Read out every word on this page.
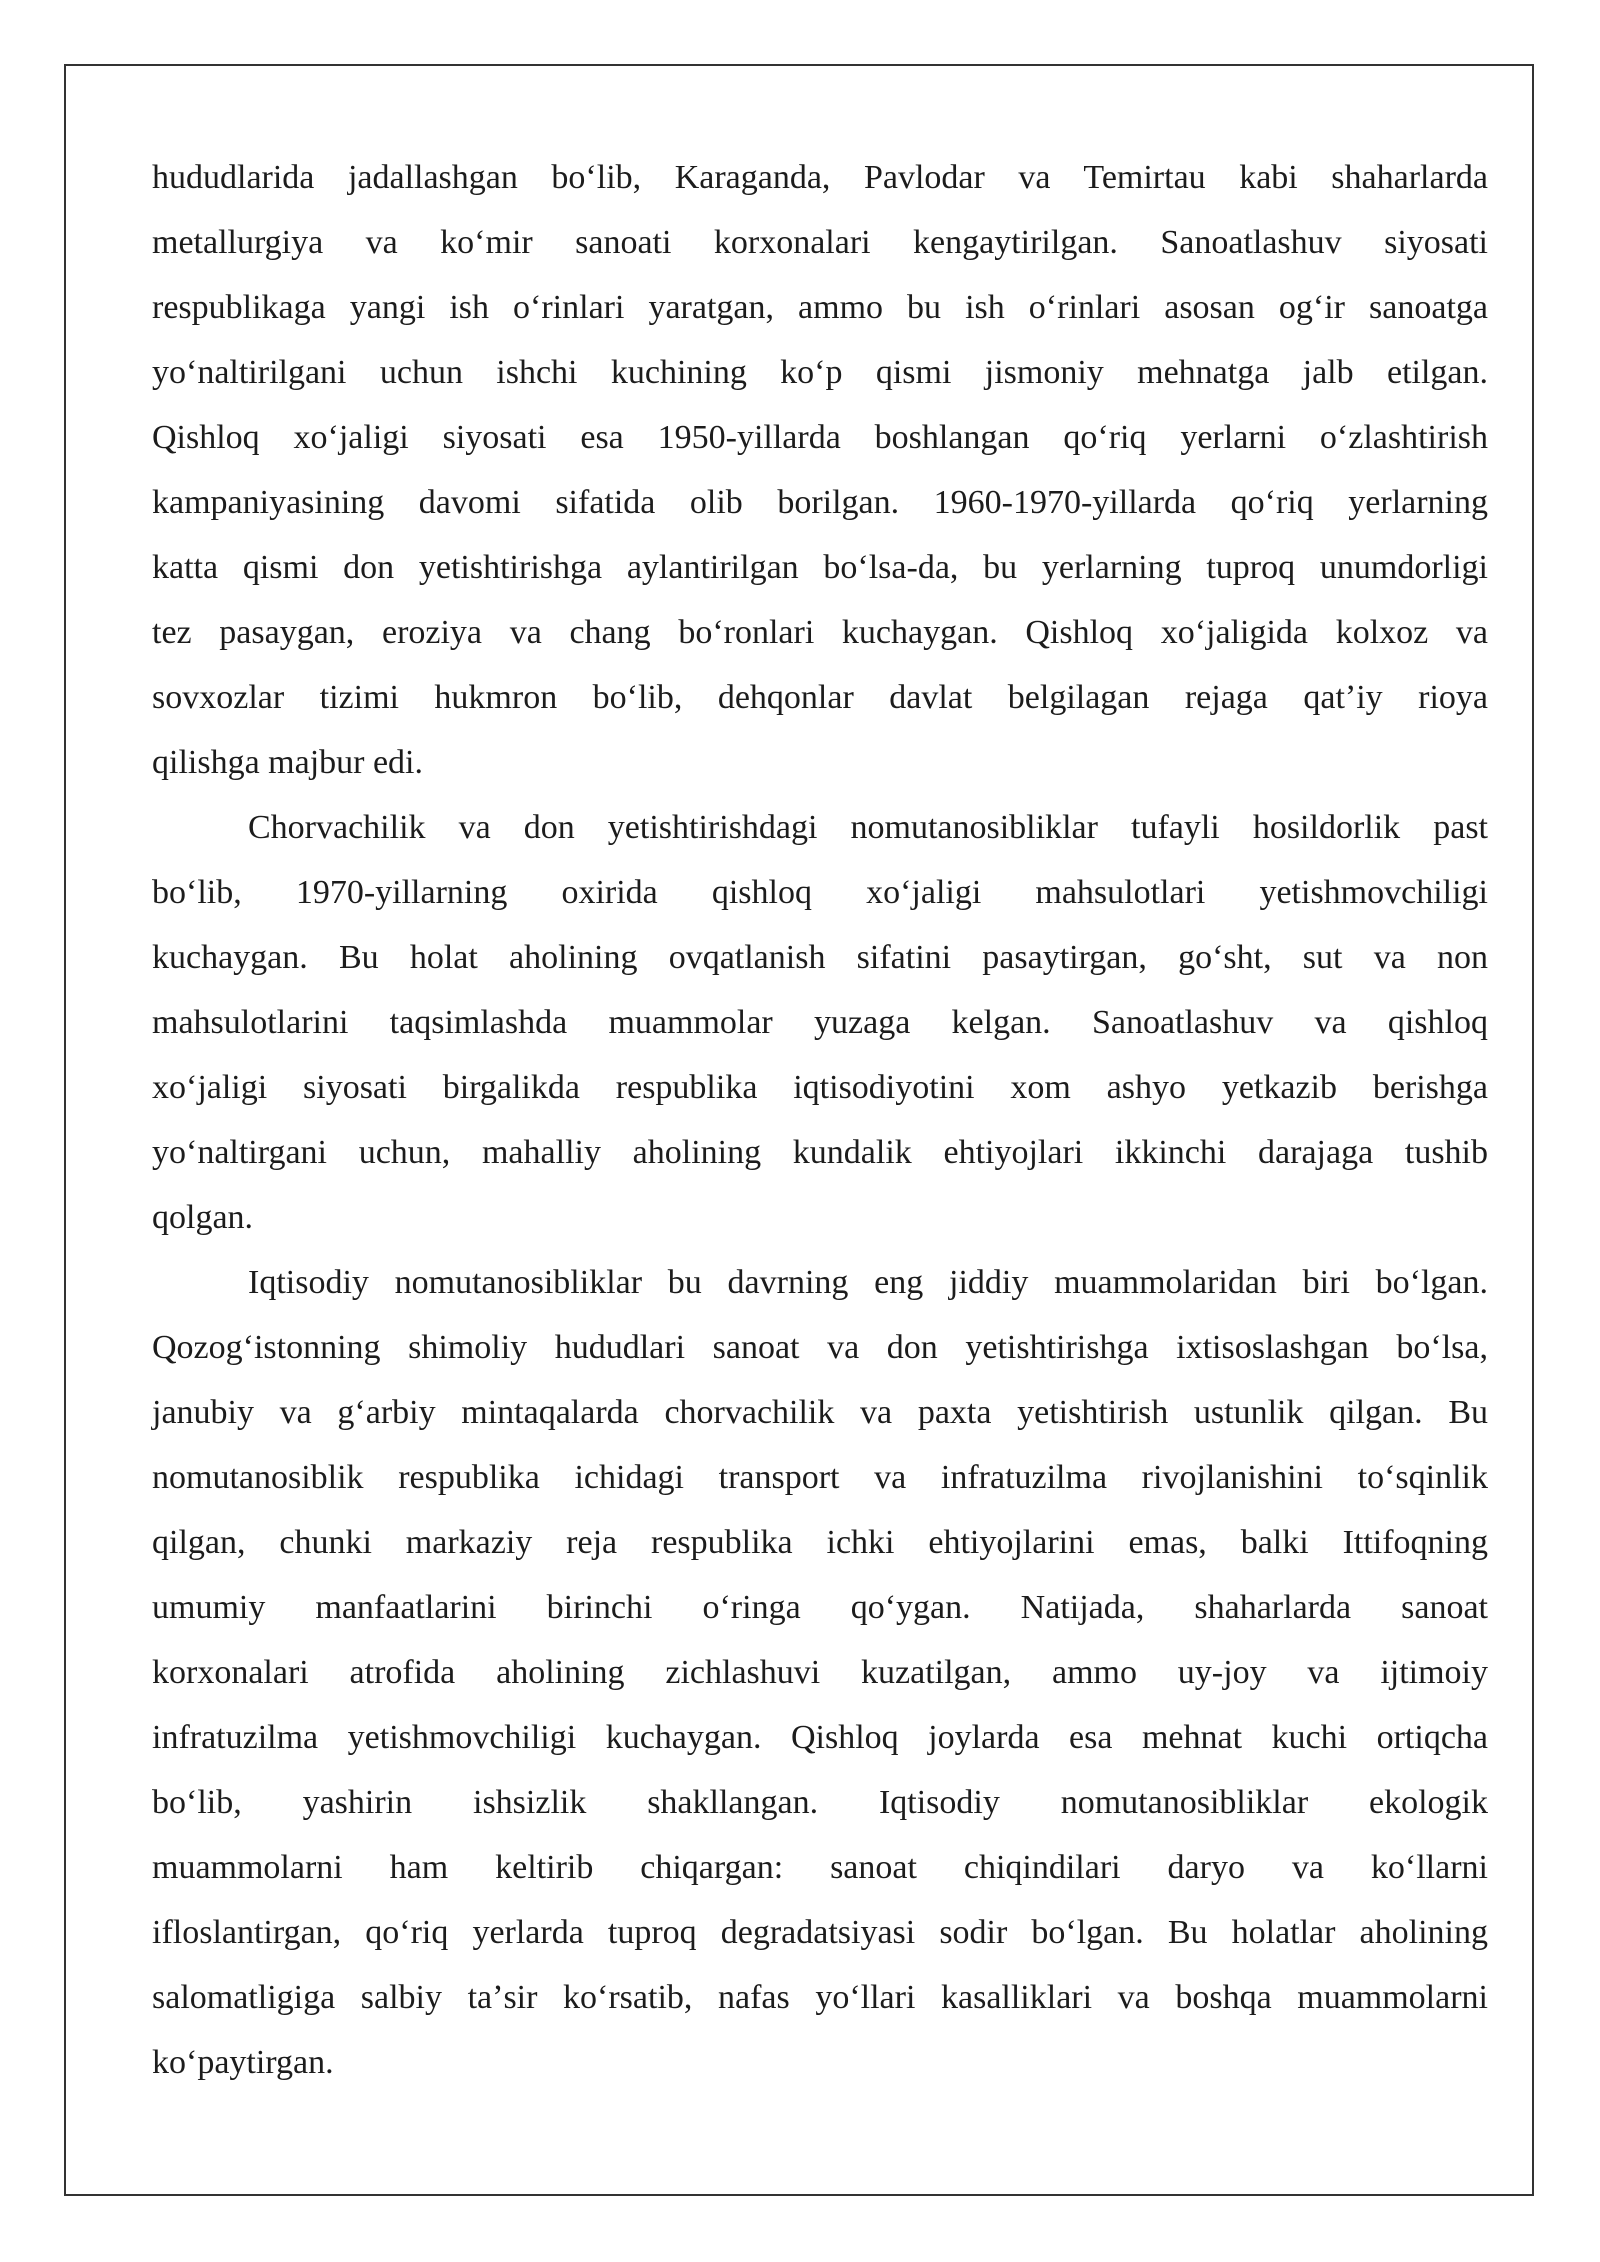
hududlarida jadallashgan boʻlib, Karaganda, Pavlodar va Temirtau kabi shaharlarda
metallurgiya va koʻmir sanoati korxonalari kengaytirilgan. Sanoatlashuv siyosati
respublikaga yangi ish oʻrinlari yaratgan, ammo bu ish oʻrinlari asosan ogʻir sanoatga
yoʻnaltirilgani uchun ishchi kuchining koʻp qismi jismoniy mehnatga jalb etilgan.
Qishloq xoʻjaligi siyosati esa 1950-yillarda boshlangan qoʻriq yerlarni oʻzlashtirish
kampaniyasining davomi sifatida olib borilgan. 1960-1970-yillarda qoʻriq yerlarning
katta qismi don yetishtirishga aylantirilgan boʻlsa-da, bu yerlarning tuproq unumdorligi
tez pasaygan, eroziya va chang boʻronlari kuchaygan. Qishloq xoʻjaligida kolxoz va
sovxozlar tizimi hukmron boʻlib, dehqonlar davlat belgilagan rejaga qatʼiy rioya
qilishga majbur edi.
Chorvachilik va don yetishtirishdagi nomutanosibliklar tufayli hosildorlik past
boʻlib, 1970-yillarning oxirida qishloq xoʻjaligi mahsulotlari yetishmovchiligi
kuchaygan. Bu holat aholining ovqatlanish sifatini pasaytirgan, goʻsht, sut va non
mahsulotlarini taqsimlashda muammolar yuzaga kelgan. Sanoatlashuv va qishloq
xoʻjaligi siyosati birgalikda respublika iqtisodiyotini xom ashyo yetkazib berishga
yoʻnaltirgani uchun, mahalliy aholining kundalik ehtiyojlari ikkinchi darajaga tushib
qolgan.
Iqtisodiy nomutanosibliklar bu davrning eng jiddiy muammolaridan biri boʻlgan.
Qozogʻistonning shimoliy hududlari sanoat va don yetishtirishga ixtisoslashgan boʻlsa,
janubiy va gʻarbiy mintaqalarda chorvachilik va paxta yetishtirish ustunlik qilgan. Bu
nomutanosiblik respublika ichidagi transport va infratuzilma rivojlanishini toʻsqinlik
qilgan, chunki markaziy reja respublika ichki ehtiyojlarini emas, balki Ittifoqning
umumiy manfaatlarini birinchi oʻringa qoʻygan. Natijada, shaharlarda sanoat
korxonalari atrofida aholining zichlashuvi kuzatilgan, ammo uy-joy va ijtimoiy
infratuzilma yetishmovchiligi kuchaygan. Qishloq joylarda esa mehnat kuchi ortiqcha
boʻlib, yashirin ishsizlik shakllangan. Iqtisodiy nomutanosibliklar ekologik
muammolarni ham keltirib chiqargan: sanoat chiqindilari daryo va koʻllarni
ifloslantirgan, qoʻriq yerlarda tuproq degradatsiyasi sodir boʻlgan. Bu holatlar aholining
salomatligiga salbiy taʼsir koʻrsatib, nafas yoʻllari kasalliklari va boshqa muammolarni
koʻpaytirgan.
